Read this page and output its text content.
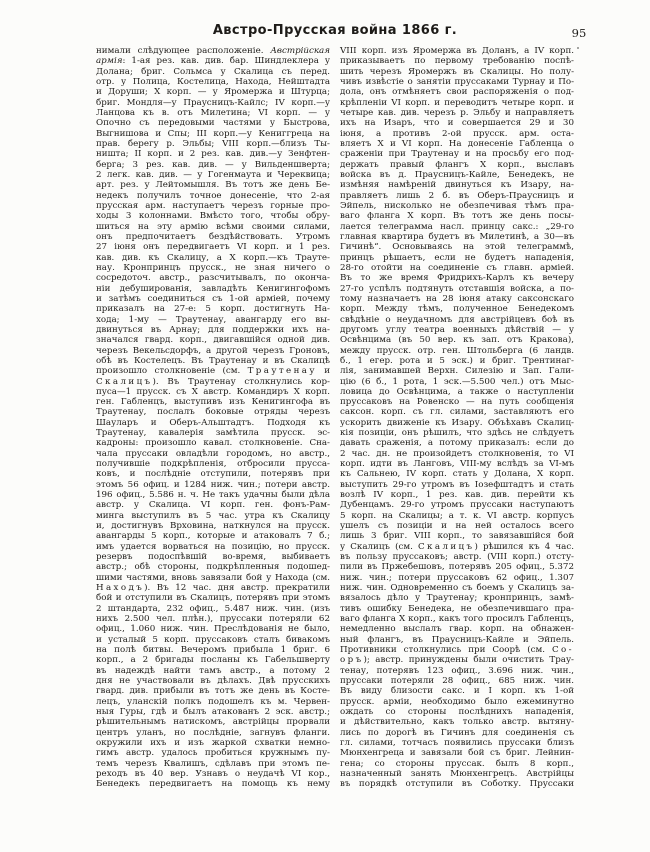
Австро-Прусская война 1866 г.	95
нимали слѣдующее расположеніе. Австрійская
армія: 1-ая рез. кав. див. бар. Шиндлеклера у
Долана; бриг. Сольмса у Скалица съ перед.
отр. у Полица, Костелица, Находа, Нейштадта
и Доруши; X корп. — у Яромержа и Штурца;
бриг. Мондля—у Праусницъ-Кайлс; IV корп.—у
Ланцова къ в. отъ Милетина; VI корп. — у
Опочно съ передовыми частями у Быстрова,
Выгнишова и Спы; III корп.—у Кениггреца на
прав. берегу р. Эльбы; VIII корп.—близъ Ты-
ништа; II корп. и 2 рез. кав. див.—у Зенфтен-
берга; 3 рез. кав. див. — у Вильденшверта;
2 легк. кав. див. — у Гогенмаута и Череквица;
арт. рез. у Лейтомышля. Въ тотъ же день Бе-
недекъ получилъ точное донесеніе, что 2-ая
прусская арм. наступаетъ черезъ горные про-
ходы 3 колоннами. Вмѣсто того, чтобы обру-
шиться на эту армію всѣми своими силами,
онъ предпочитаетъ бездѣйствовать. Утромъ
27 іюня онъ передвигаетъ VI корп. и 1 рез.
кав. див. къ Скалицу, а X корп.—къ Трауте-
нау. Кронпринцъ прусск., не зная ничего о
сосредоточ. австр., разсчитывалъ, по оконча-
ніи дебушированія, завладѣть Кенигингофомъ
и затѣмъ соединиться съ 1-ой арміей, почему
приказалъ на 27-е: 5 корп. достигнуть На-
хода; 1-му — Траутенау, авангарду его вы-
двинуться въ Арнау; для поддержки ихъ на-
значался гвард. корп., двигавшійся одной див.
черезъ Векельсдорфъ, а другой черезъ Гроновъ,
обѣ въ Костелецъ. Въ Траутенау и въ Скалицѣ
произошло столкновеніе (см. Траутенау и
Скалицъ). Въ Траутенау столкнулись кор-
пуса—1 прусск. съ X австр. Командиръ X корп.
ген. Габленцъ, выступивъ изъ Кенигингофа въ
Траутенау, послалъ боковые отряды черезъ
Шауларъ и Оберъ-Альштадтъ. Подходя къ
Траутенау, кавалерія замѣтила прусск. эс-
кадроны: произошло кавал. столкновеніе. Сна-
чала пруссаки овладѣли городомъ, но австр.,
получившіе подкрѣпленія, отбросили прусса-
ковъ, и послѣдніе отступили, потерявъ при
этомъ 56 офиц. и 1284 ниж. чин.; потери австр.
196 офиц., 5.586 н. ч. Не такъ удачны были дѣла
австр. у Скалица. VI корп. ген. фонъ-Рам-
минга выступилъ въ 5 час. утра къ Скалицу
и, достигнувъ Врховина, наткнулся на прусск.
авангарды 5 корп., которые и атаковалъ 7 б.;
имъ удается ворваться на позицію, но прусск.
резервъ подоспѣвшій во-время, выбиваетъ
австр.; обѣ стороны, подкрѣпленныя подошед-
шими частями, вновь завязали бой у Находа (см.
Находъ). Въ 12 час. дня австр. прекратили
бой и отступили въ Скалицъ, потерявъ при этомъ
2 штандарта, 232 офиц., 5.487 ниж. чин. (изъ
нихъ 2.500 чел. плѣн.), пруссаки потеряли 62
офиц., 1.060 ниж. чин. Преслѣдованія не было,
и усталый 5 корп. пруссаковъ сталъ бивакомъ
на полѣ битвы. Вечеромъ прибыла 1 бриг. 6
корп., а 2 бригады посланы къ Габельшверту
въ надеждѣ найти тамъ австр., а потому 2
дня не участвовали въ дѣлахъ. Двѣ прусскихъ
гвард. див. прибыли въ тотъ же день въ Косте-
лецъ, уланскій полкъ подошелъ къ м. Червен-
ныя Гуры, гдѣ и былъ атакованъ 2 эск. австр.;
рѣшительнымъ натискомъ, австрійцы прорвали
центръ уланъ, но послѣдніе, загнувъ фланги.
окружили ихъ и изъ жаркой схватки немно-
гимъ австр. удалось пробиться кружнымъ пу-
темъ черезъ Квалишъ, сдѣлавъ при этомъ пе-
реходъ въ 40 вер. Узнавъ о неудачѣ VI кор.,
Бенедекъ передвигаетъ на помощь къ нему
VIII корп. изъ Яромержа въ Доланъ, а IV корп.
приказываетъ по первому требованію поспѣ-
шить черезъ Яромержъ въ Скалицы. Но полу-
чивъ извѣстіе о занятіи пруссаками Турнау и По-
дола, онъ отмѣняетъ свои распоряженія о под-
крѣпленіи VI корп. и переводитъ четыре корп. и
четыре кав. див. черезъ р. Эльбу и направляетъ
ихъ на Изаръ, что и совершается 29 и 30
іюня, а противъ 2-ой прусск. арм. оста-
вляетъ X и VI корп. На донесеніе Габленца о
сраженіи при Траутенау и на просьбу его под-
держать правый флангъ X корп., выславъ
войска въ д. Праусницъ-Кайле, Бенедекъ, не
измѣняя намѣреній двинуться къ Изару, на-
правляетъ лишь 2 б. въ Оберъ-Праусницъ и
Эйпель, нисколько не обезпечивая тѣмъ пра-
ваго фланга X корп. Въ тотъ же день посы-
лается телеграмма насл. принцу сакс.: „29-го
главная квартира будетъ въ Милетинѣ, а 30—въ
Гичинѣ“. Основываясь на этой телеграммѣ,
принцъ рѣшаетъ, если не будетъ нападенія,
28-го отойти на соединеніе съ главн. арміей.
Въ то же время Фридрихъ-Карлъ къ вечеру
27-го успѣлъ подтянуть отставшія войска, а по-
тому назначаетъ на 28 іюня атаку саксонскаго
корп. Между тѣмъ, полученное Бенедекомъ
свѣдѣніе о неудачномъ для австрійцевъ боѣ въ
другомъ углу театра военныхъ дѣйствій — у
Освѣнцима (въ 50 вер. къ зап. отъ Кракова),
между прусск. отр. ген. Штольберга (6 ландв.
б., 1 егер. рота и 5 эск.) и бриг. Трентинаг-
лія, занимавшей Верхн. Силезію и Зап. Гали-
цію (6 б., 1 рота, 1 эск.—5.500 чел.) отъ Мыс-
ловица до Освѣнцима, а также о наступленіи
пруссаковъ на Ровенско — на путь сообщенія
саксон. корп. съ гл. силами, заставляютъ его
ускорить движеніе къ Изару. Объѣхавъ Скалиц-
кія позиціи, онъ рѣшилъ, что здѣсь не слѣдуетъ
давать сраженія, а потому приказалъ: если до
2 час. дн. не произойдетъ столкновенія, то VI
корп. идти въ Ланговъ, VIII-му вслѣдъ за VI-мъ
къ Сальнею, IV корп. стать у Долана, X корп.
выступить 29-го утромъ въ Іозефштадтъ и стать
возлѣ IV корп., 1 рез. кав. див. перейти къ
Дубенцамъ. 29-го утромъ пруссаки наступаютъ
5 корп. на Скалицы; а т. к. VI австр. корпусъ
ушелъ съ позиціи и на ней осталось всего
лишь 3 бриг. VIII корп., то завязавшійся бой
у Скалицъ (см. Скалицъ) рѣшился къ 4 час.
въ пользу пруссаковъ; австр. (VIII корп.) отсту-
пили въ Пржебешовъ, потерявъ 205 офиц., 5.372
ниж. чин.; потери пруссаковъ 62 офиц., 1.307
ниж. чин. Одновременно съ боемъ у Скалицъ за-
вязалось дѣло у Траутенау; кронпринцъ, замѣ-
тивъ ошибку Бенедека, не обезпечившаго пра-
ваго фланга X корп., какъ того просилъ Габленцъ,
немедленно выслалъ гвар. корп. на обнажен-
ный флангъ, въ Праусницъ-Кайле и Эйпель.
Противники столкнулись при Соорѣ (см. Со-
оръ); австр. принуждены были очистить Трау-
тенау, потерявъ 123 офиц., 3.696 ниж. чин.,
пруссаки потеряли 28 офиц., 685 ниж. чин.
Въ виду близости сакс. и I корп. къ 1-ой
прусск. арміи, необходимо было ежеминутно
ождать со стороны послѣднихъ нападенія,
и дѣйствительно, какъ только австр. вытяну-
лись по дорогѣ въ Гичинъ для соединенія съ
гл. силами, тотчасъ появились пруссаки близъ
Мюнхенгреца и завязали бой съ бриг. Лейнин-
гена; со стороны пруссак. былъ 8 корп.,
назначенный занять Мюнхенгрецъ. Австрійцы
въ порядкѣ отступили въ Соботку. Пруссаки
